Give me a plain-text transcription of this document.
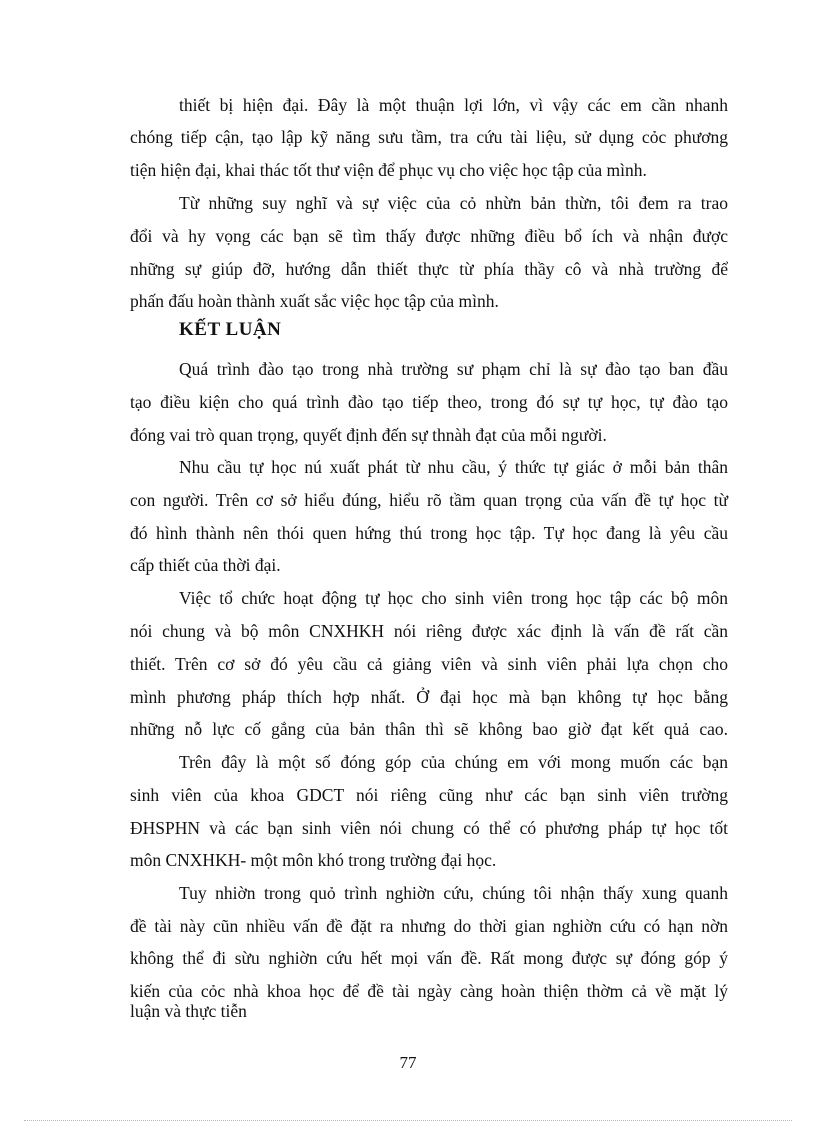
thiết bị hiện đại. Đây là một thuận lợi lớn, vì vậy các em cần nhanh
chóng tiếp cận, tạo lập kỹ năng sưu tầm, tra cứu tài liệu, sử dụng cỏc phương
tiện hiện đại, khai thác tốt thư viện để phục vụ cho việc học tập của mình.
Từ những suy nghĩ và sự việc của cỏ nhừn bản thừn, tôi đem ra trao
đổi và hy vọng các bạn sẽ tìm thấy được những điều bổ ích và nhận được
những sự giúp đỡ, hướng dẫn thiết thực từ phía thầy cô và nhà trường để
phấn đấu hoàn thành xuất sắc việc học tập của mình.
KẾT LUẬN
Quá trình đào tạo trong nhà trường sư phạm chỉ là sự đào tạo ban đầu
tạo điều kiện cho quá trình đào tạo tiếp theo, trong đó sự tự học, tự đào tạo
đóng vai trò quan trọng, quyết định đến sự thnàh đạt của mỗi người.
Nhu cầu tự học nú xuất phát từ nhu cầu, ý thức tự giác ở mỗi bản thân
con người. Trên cơ sở hiểu đúng, hiểu rõ tầm quan trọng của vấn đề tự học từ
đó hình thành nên thói quen hứng thú trong học tập. Tự học đang là yêu cầu
cấp thiết của thời đại.
Việc tổ chức hoạt động tự học cho sinh viên trong học tập các bộ môn
nói chung và bộ môn CNXHKH nói riêng được xác định là vấn đề rất cần
thiết. Trên cơ sở đó yêu cầu cả giảng viên và sinh viên phải lựa chọn cho
mình phương pháp thích hợp nhất. Ở đại học mà bạn không tự học bằng
những nỗ lực cố gắng của bản thân thì sẽ không bao giờ đạt kết quả cao.
Trên đây là một số đóng góp của chúng em với mong muốn các bạn
sinh viên của khoa GDCT nói riêng cũng như các bạn sinh viên trường
ĐHSPHN và các bạn sinh viên nói chung có thể có phương pháp tự học tốt
môn CNXHKH- một môn khó trong trường đại học.
Tuy nhiờn trong quỏ trình nghiờn cứu, chúng tôi nhận thấy xung quanh
đề tài này cũn nhiều vấn đề đặt ra nhưng do thời gian nghiờn cứu có hạn nờn
không thể đi sừu nghiờn cứu hết mọi vấn đề. Rất mong được sự đóng góp ý
kiến của cỏc nhà khoa học để đề tài ngày càng hoàn thiện thờm cả về mặt lý
luận và thực tiễn
77
